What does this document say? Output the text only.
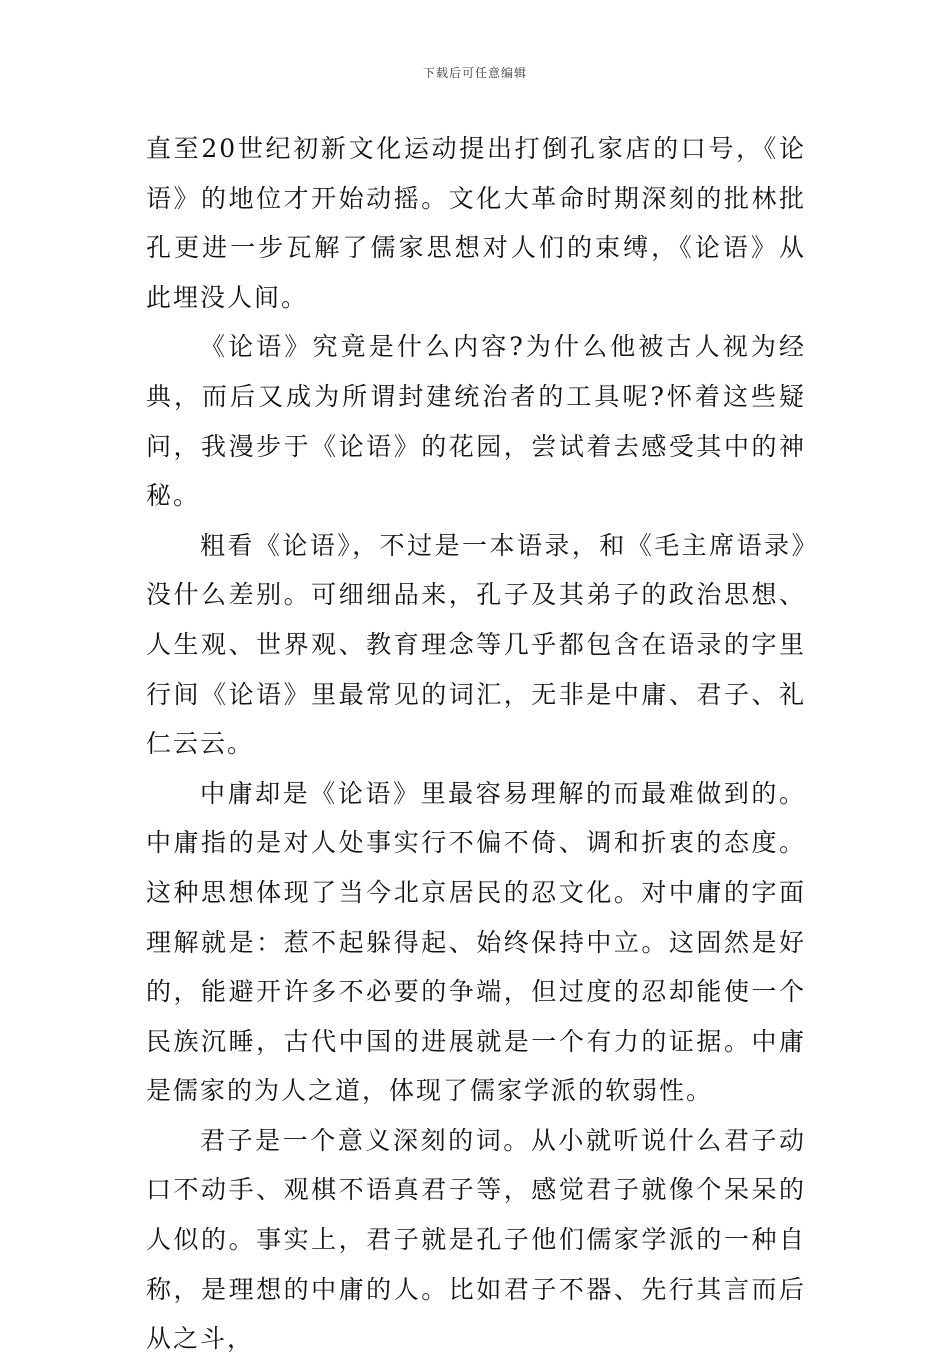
下载后可任意编辑

直至20世纪初新文化运动提出打倒孔家店的口号，《论语》的地位才开始动摇。文化大革命时期深刻的批林批孔更进一步瓦解了儒家思想对人们的束缚，《论语》从此埋没人间。

《论语》究竟是什么内容?为什么他被古人视为经典，而后又成为所谓封建统治者的工具呢?怀着这些疑问，我漫步于《论语》的花园，尝试着去感受其中的神秘。

粗看《论语》，不过是一本语录，和《毛主席语录》没什么差别。可细细品来，孔子及其弟子的政治思想、人生观、世界观、教育理念等几乎都包含在语录的字里行间《论语》里最常见的词汇，无非是中庸、君子、礼仁云云。

中庸却是《论语》里最容易理解的而最难做到的。中庸指的是对人处事实行不偏不倚、调和折衷的态度。这种思想体现了当今北京居民的忍文化。对中庸的字面理解就是：惹不起躲得起、始终保持中立。这固然是好的，能避开许多不必要的争端，但过度的忍却能使一个民族沉睡，古代中国的进展就是一个有力的证据。中庸是儒家的为人之道，体现了儒家学派的软弱性。

君子是一个意义深刻的词。从小就听说什么君子动口不动手、观棋不语真君子等，感觉君子就像个呆呆的人似的。事实上，君子就是孔子他们儒家学派的一种自称，是理想的中庸的人。比如君子不器、先行其言而后从之斗，
